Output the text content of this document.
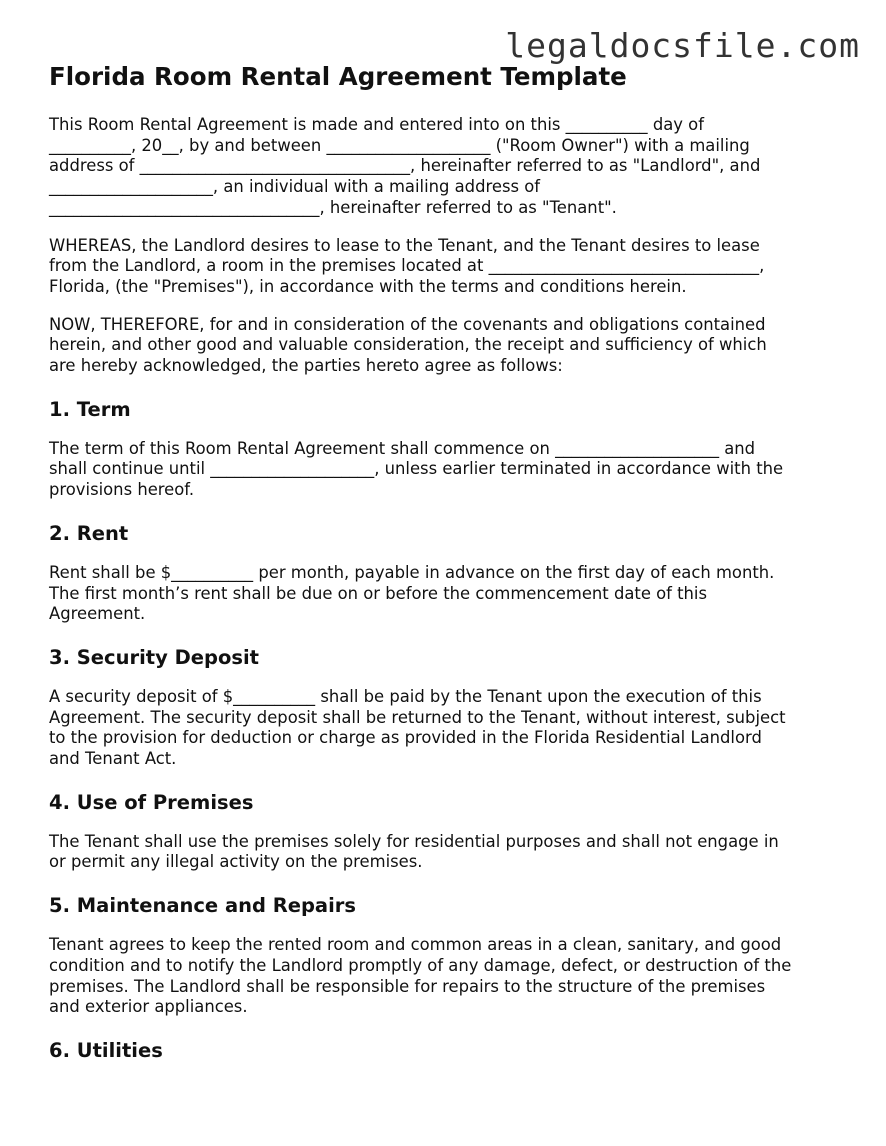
legaldocsfile.com
Florida Room Rental Agreement Template
This Room Rental Agreement is made and entered into on this __________ day of
__________, 20__, by and between ____________________ ("Room Owner") with a mailing
address of _________________________________, hereinafter referred to as "Landlord", and
____________________, an individual with a mailing address of
_________________________________, hereinafter referred to as "Tenant".
WHEREAS, the Landlord desires to lease to the Tenant, and the Tenant desires to lease
from the Landlord, a room in the premises located at _________________________________,
Florida, (the "Premises"), in accordance with the terms and conditions herein.
NOW, THEREFORE, for and in consideration of the covenants and obligations contained
herein, and other good and valuable consideration, the receipt and sufficiency of which
are hereby acknowledged, the parties hereto agree as follows:
1. Term
The term of this Room Rental Agreement shall commence on ____________________ and
shall continue until ____________________, unless earlier terminated in accordance with the
provisions hereof.
2. Rent
Rent shall be $__________ per month, payable in advance on the first day of each month.
The first month’s rent shall be due on or before the commencement date of this
Agreement.
3. Security Deposit
A security deposit of $__________ shall be paid by the Tenant upon the execution of this
Agreement. The security deposit shall be returned to the Tenant, without interest, subject
to the provision for deduction or charge as provided in the Florida Residential Landlord
and Tenant Act.
4. Use of Premises
The Tenant shall use the premises solely for residential purposes and shall not engage in
or permit any illegal activity on the premises.
5. Maintenance and Repairs
Tenant agrees to keep the rented room and common areas in a clean, sanitary, and good
condition and to notify the Landlord promptly of any damage, defect, or destruction of the
premises. The Landlord shall be responsible for repairs to the structure of the premises
and exterior appliances.
6. Utilities
